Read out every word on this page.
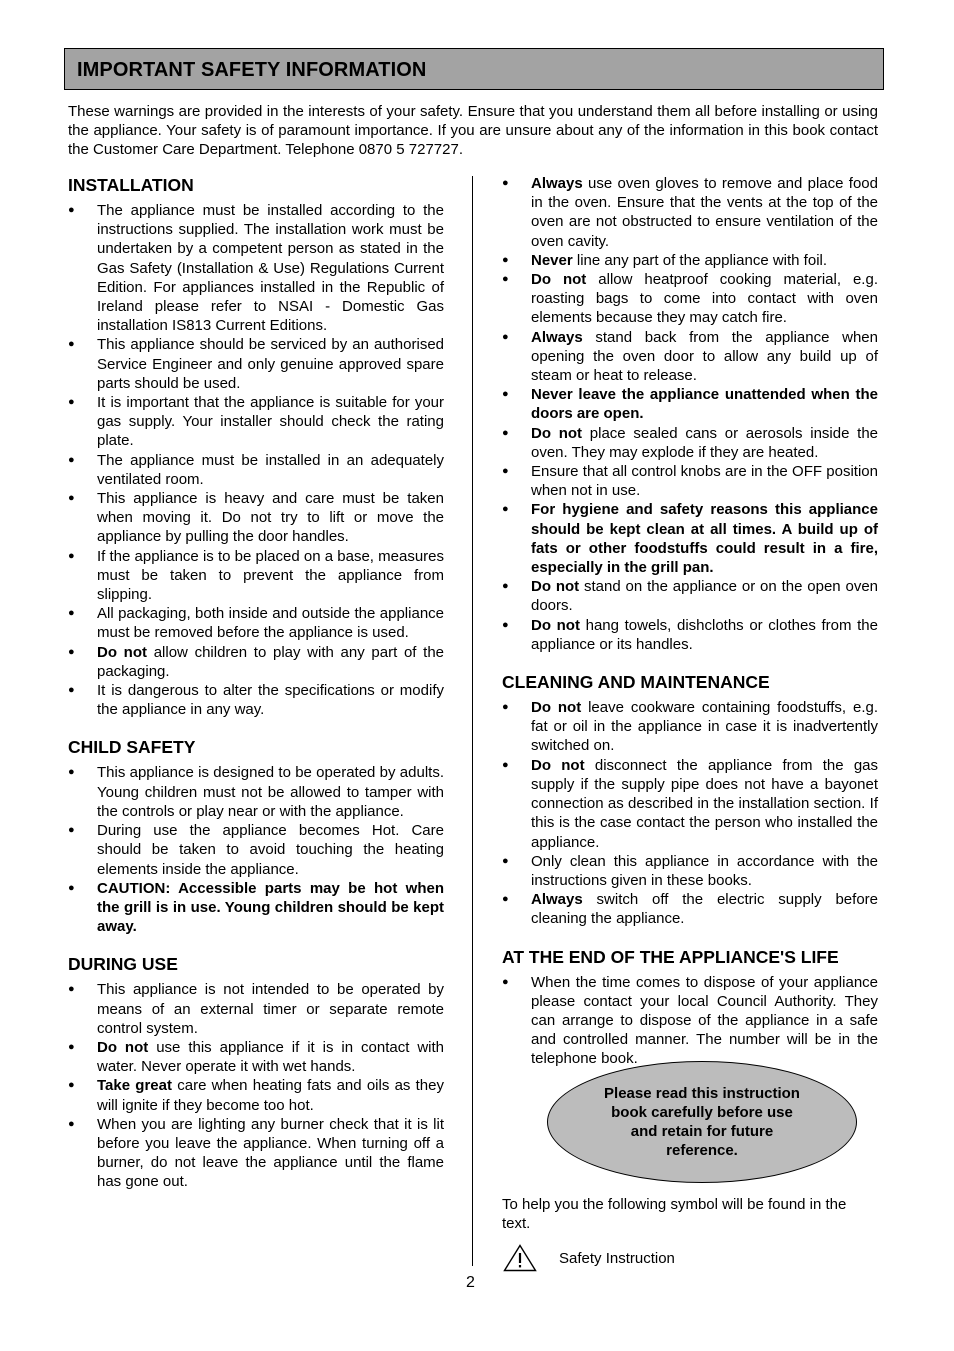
IMPORTANT SAFETY INFORMATION

These warnings are provided in the interests of your safety. Ensure that you understand them all before installing or using the appliance. Your safety is of paramount importance. If you are unsure about any of the information in this book contact the Customer Care Department. Telephone 0870 5 727727.

INSTALLATION
● The appliance must be installed according to the instructions supplied. The installation work must be undertaken by a competent person as stated in the Gas Safety (Installation & Use) Regulations Current Edition. For appliances installed in the Republic of Ireland please refer to NSAI - Domestic Gas installation IS813 Current Editions.
● This appliance should be serviced by an authorised Service Engineer and only genuine approved spare parts should be used.
● It is important that the appliance is suitable for your gas supply. Your installer should check the rating plate.
● The appliance must be installed in an adequately ventilated room.
● This appliance is heavy and care must be taken when moving it. Do not try to lift or move the appliance by pulling the door handles.
● If the appliance is to be placed on a base, measures must be taken to prevent the appliance from slipping.
● All packaging, both inside and outside the appliance must be removed before the appliance is used.
● Do not allow children to play with any part of the packaging.
● It is dangerous to alter the specifications or modify the appliance in any way.
CHILD SAFETY
● This appliance is designed to be operated by adults. Young children must not be allowed to tamper with the controls or play near or with the appliance.
● During use the appliance becomes Hot. Care should be taken to avoid touching the heating elements inside the appliance.
● CAUTION: Accessible parts may be hot when the grill is in use. Young children should be kept away.
DURING USE
● This appliance is not intended to be operated by means of an external timer or separate remote control system.
● Do not use this appliance if it is in contact with water. Never operate it with wet hands.
● Take great care when heating fats and oils as they will ignite if they become too hot.
● When you are lighting any burner check that it is lit before you leave the appliance. When turning off a burner, do not leave the appliance until the flame has gone out.
● Always use oven gloves to remove and place food in the oven. Ensure that the vents at the top of the oven are not obstructed to ensure ventilation of the oven cavity.
● Never line any part of the appliance with foil.
● Do not allow heatproof cooking material, e.g. roasting bags to come into contact with oven elements because they may catch fire.
● Always stand back from the appliance when opening the oven door to allow any build up of steam or heat to release.
● Never leave the appliance unattended when the doors are open.
● Do not place sealed cans or aerosols inside the oven. They may explode if they are heated.
● Ensure that all control knobs are in the OFF position when not in use.
● For hygiene and safety reasons this appliance should be kept clean at all times. A build up of fats or other foodstuffs could result in a fire, especially in the grill pan.
● Do not stand on the appliance or on the open oven doors.
● Do not hang towels, dishcloths or clothes from the appliance or its handles.
CLEANING AND MAINTENANCE
● Do not leave cookware containing foodstuffs, e.g. fat or oil in the appliance in case it is inadvertently switched on.
● Do not disconnect the appliance from the gas supply if the supply pipe does not have a bayonet connection as described in the installation section. If this is the case contact the person who installed the appliance.
● Only clean this appliance in accordance with the instructions given in these books.
● Always switch off the electric supply before cleaning the appliance.
AT THE END OF THE APPLIANCE'S LIFE
● When the time comes to dispose of your appliance please contact your local Council Authority. They can arrange to dispose of the appliance in a safe and controlled manner. The number will be in the telephone book.
Please read this instruction book carefully before use and retain for future reference.

To help you the following symbol will be found in the text.

Safety Instruction
2
